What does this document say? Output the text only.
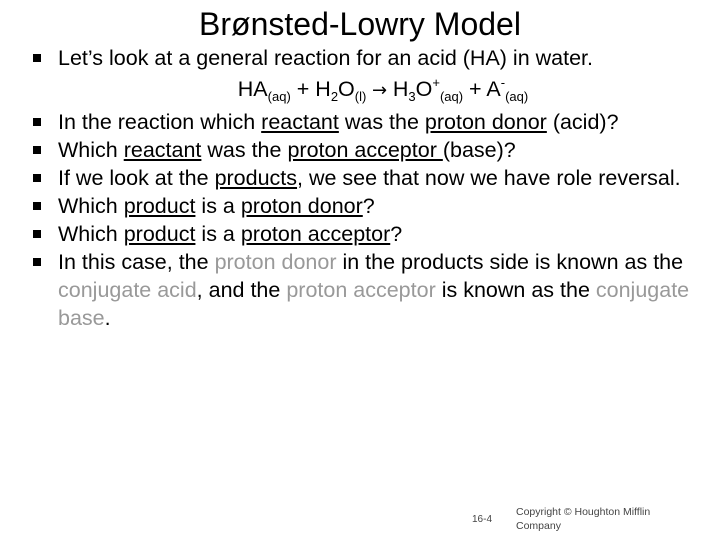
Brønsted-Lowry Model
Let’s look at a general reaction for an acid (HA) in water.
$HA_{(aq)} + H_2O_{(l)} \to H_3O^+_{(aq)} + A^-_{(aq)}$
In the reaction which reactant was the proton donor (acid)?
Which reactant was the proton acceptor (base)?
If we look at the products, we see that now we have role reversal.
Which product is a proton donor?
Which product is a proton acceptor?
In this case, the proton donor in the products side is known as the conjugate acid, and the proton acceptor is known as the conjugate base.
16-4
Copyright © Houghton Mifflin Company
